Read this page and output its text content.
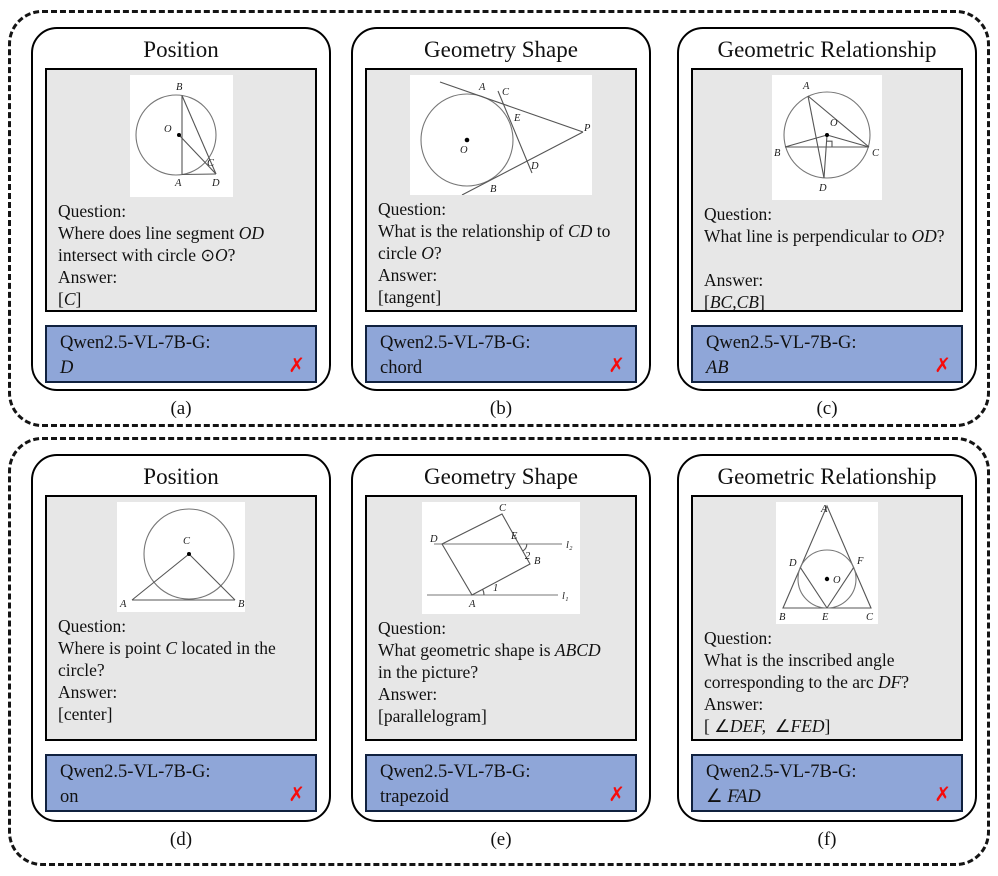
Position
B
O
C
A	D
Question:
Where does line segment OD
intersect with circle ⊙O?
Answer:
[C]
Qwen2.5-VL-7B-G:
D	✗
(a)
Geometry Shape
A C
E
O
D
B
P
Question:
What is the relationship of CD to
circle O?
Answer:
[tangent]
Qwen2.5-VL-7B-G:
chord	✗
(b)
Geometric Relationship
A
O
B	C
D
Question:
What line is perpendicular to OD?
Answer:
[BC,CB]
Qwen2.5-VL-7B-G:
AB	✗
(c)
Position
C
A	B
Question:
Where is point C located in the
circle?
Answer:
[center]
Qwen2.5-VL-7B-G:
on	✗
(d)
Geometry Shape
C
D	E
l₂
B
2
1
A
l₁
Question:
What geometric shape is ABCD
in the picture?
Answer:
[parallelogram]
Qwen2.5-VL-7B-G:
trapezoid	✗
(e)
Geometric Relationship
A
D	F
O
B	E	C
Question:
What is the inscribed angle
corresponding to the arc DF?
Answer:
[ ∠DEF,  ∠FED]
Qwen2.5-VL-7B-G:
∠ FAD	✗
(f)
